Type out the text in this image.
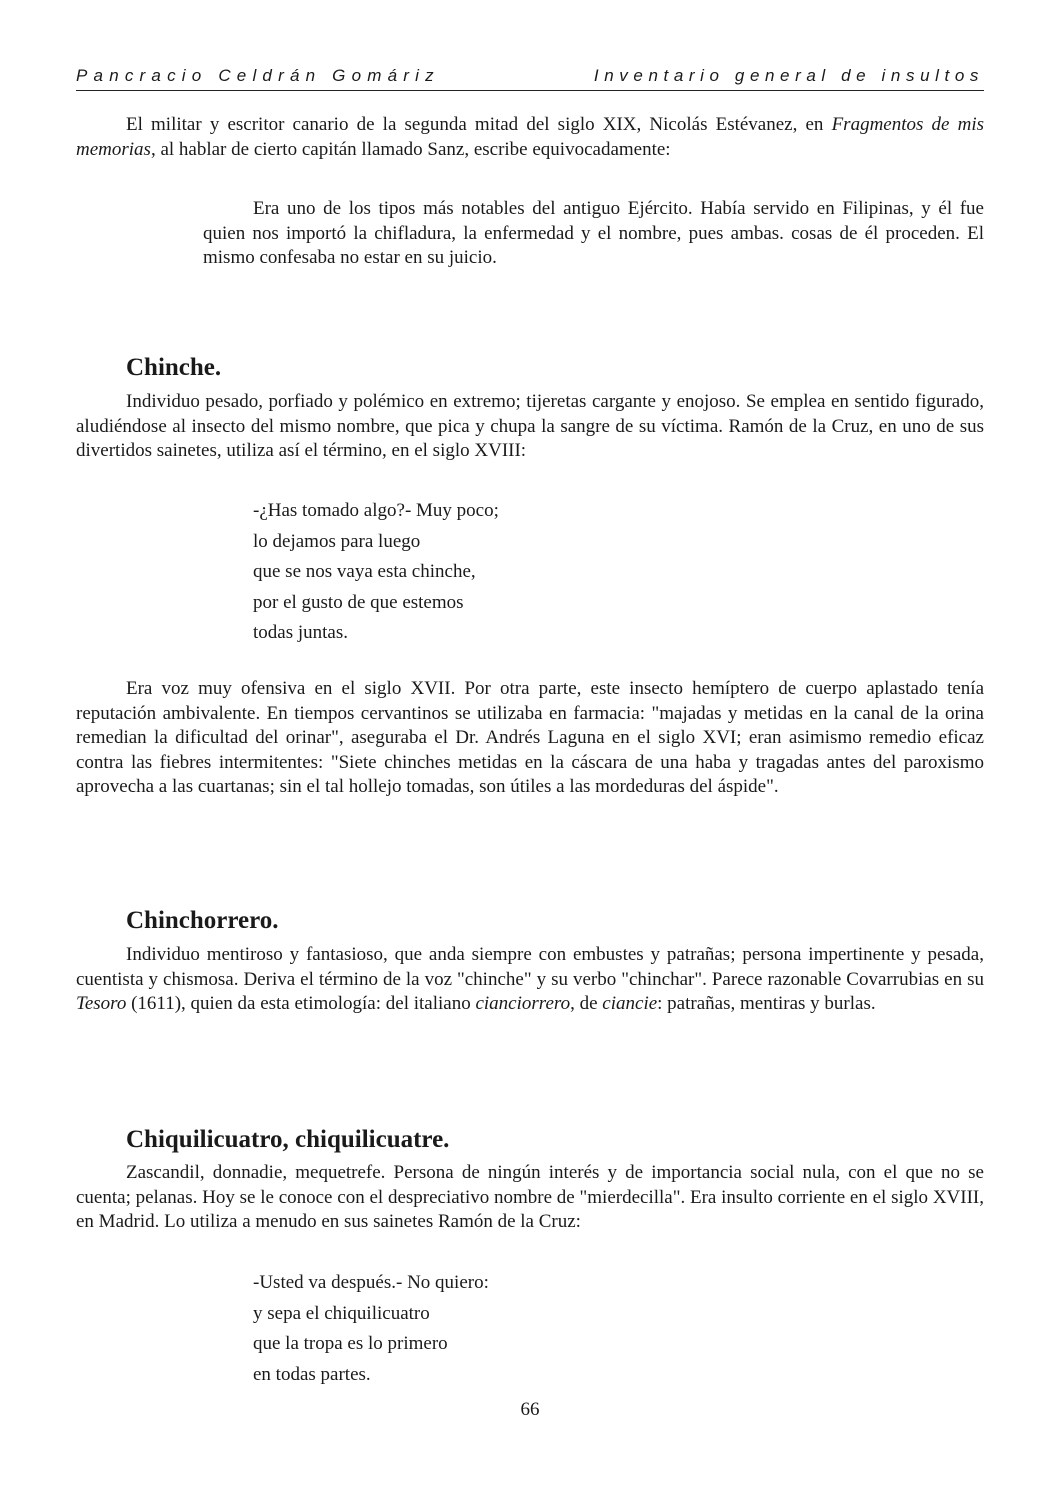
Pancracio Celdrán Gomáriz	Inventario general de insultos
El militar y escritor canario de la segunda mitad del siglo XIX, Nicolás Estévanez, en Fragmentos de mis memorias, al hablar de cierto capitán llamado Sanz, escribe equivocadamente:
Era uno de los tipos más notables del antiguo Ejército. Había servido en Filipinas, y él fue quien nos importó la chifladura, la enfermedad y el nombre, pues ambas. cosas de él proceden. El mismo confesaba no estar en su juicio.
Chinche.
Individuo pesado, porfiado y polémico en extremo; tijeretas cargante y enojoso. Se emplea en sentido figurado, aludiéndose al insecto del mismo nombre, que pica y chupa la sangre de su víctima. Ramón de la Cruz, en uno de sus divertidos sainetes, utiliza así el término, en el siglo XVIII:
-¿Has tomado algo?- Muy poco;
lo dejamos para luego
que se nos vaya esta chinche,
por el gusto de que estemos
todas juntas.
Era voz muy ofensiva en el siglo XVII. Por otra parte, este insecto hemíptero de cuerpo aplastado tenía reputación ambivalente. En tiempos cervantinos se utilizaba en farmacia: "majadas y metidas en la canal de la orina remedian la dificultad del orinar", aseguraba el Dr. Andrés Laguna en el siglo XVI; eran asimismo remedio eficaz contra las fiebres intermitentes: "Siete chinches metidas en la cáscara de una haba y tragadas antes del paroxismo aprovecha a las cuartanas; sin el tal hollejo tomadas, son útiles a las mordeduras del áspide".
Chinchorrero.
Individuo mentiroso y fantasioso, que anda siempre con embustes y patrañas; persona impertinente y pesada, cuentista y chismosa. Deriva el término de la voz "chinche" y su verbo "chinchar". Parece razonable Covarrubias en su Tesoro (1611), quien da esta etimología: del italiano cianciorrero, de ciancie: patrañas, mentiras y burlas.
Chiquilicuatro, chiquilicuatre.
Zascandil, donnadie, mequetrefe. Persona de ningún interés y de importancia social nula, con el que no se cuenta; pelanas. Hoy se le conoce con el despreciativo nombre de "mierdecilla". Era insulto corriente en el siglo XVIII, en Madrid. Lo utiliza a menudo en sus sainetes Ramón de la Cruz:
-Usted va después.- No quiero:
y sepa el chiquilicuatro
que la tropa es lo primero
en todas partes.
66
